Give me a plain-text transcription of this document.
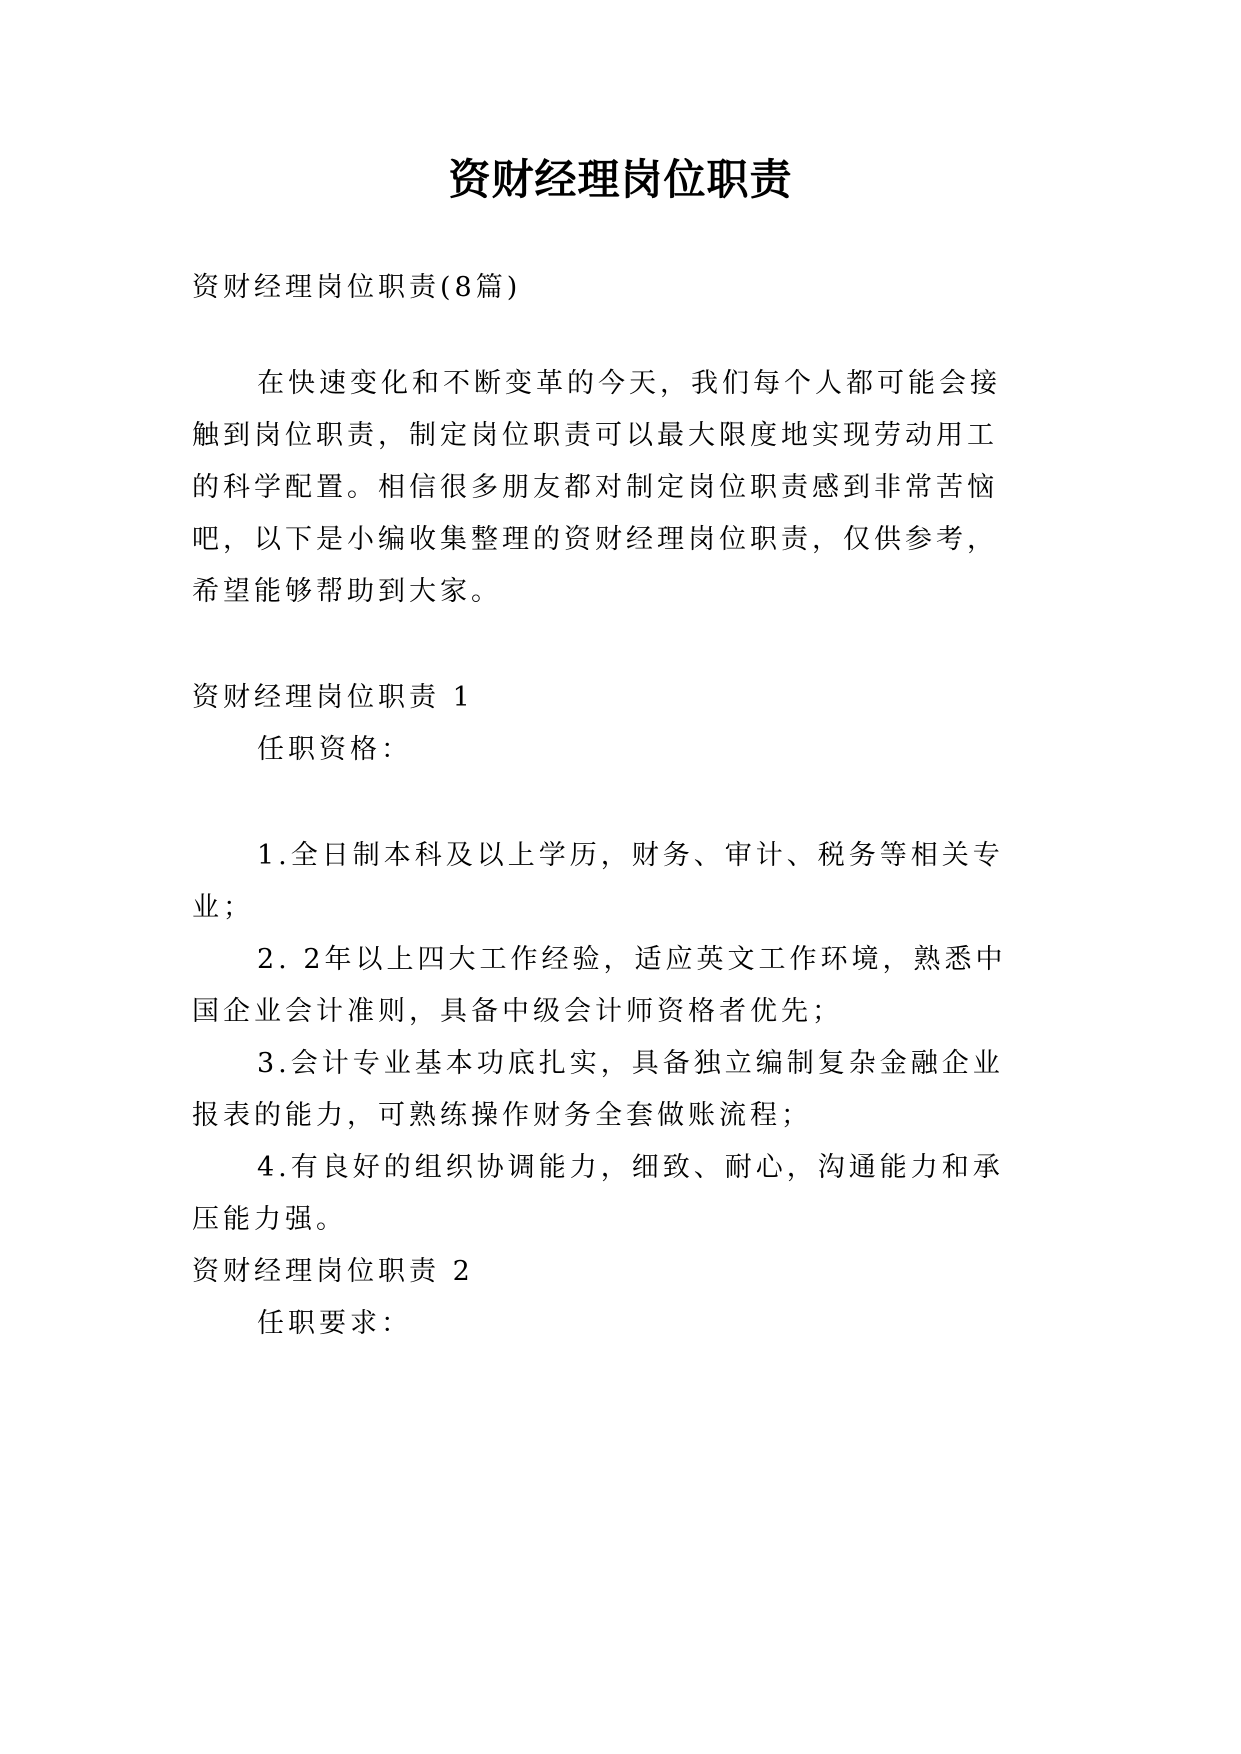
资财经理岗位职责

资财经理岗位职责(8篇)

在快速变化和不断变革的今天，我们每个人都可能会接

触到岗位职责，制定岗位职责可以最大限度地实现劳动用工

的科学配置。相信很多朋友都对制定岗位职责感到非常苦恼

吧，以下是小编收集整理的资财经理岗位职责，仅供参考，

希望能够帮助到大家。

资财经理岗位职责 1

任职资格：

1.全日制本科及以上学历，财务、审计、税务等相关专

业；

2. 2年以上四大工作经验，适应英文工作环境，熟悉中

国企业会计准则，具备中级会计师资格者优先；

3.会计专业基本功底扎实，具备独立编制复杂金融企业

报表的能力，可熟练操作财务全套做账流程；

4.有良好的组织协调能力，细致、耐心，沟通能力和承

压能力强。

资财经理岗位职责 2

任职要求：
